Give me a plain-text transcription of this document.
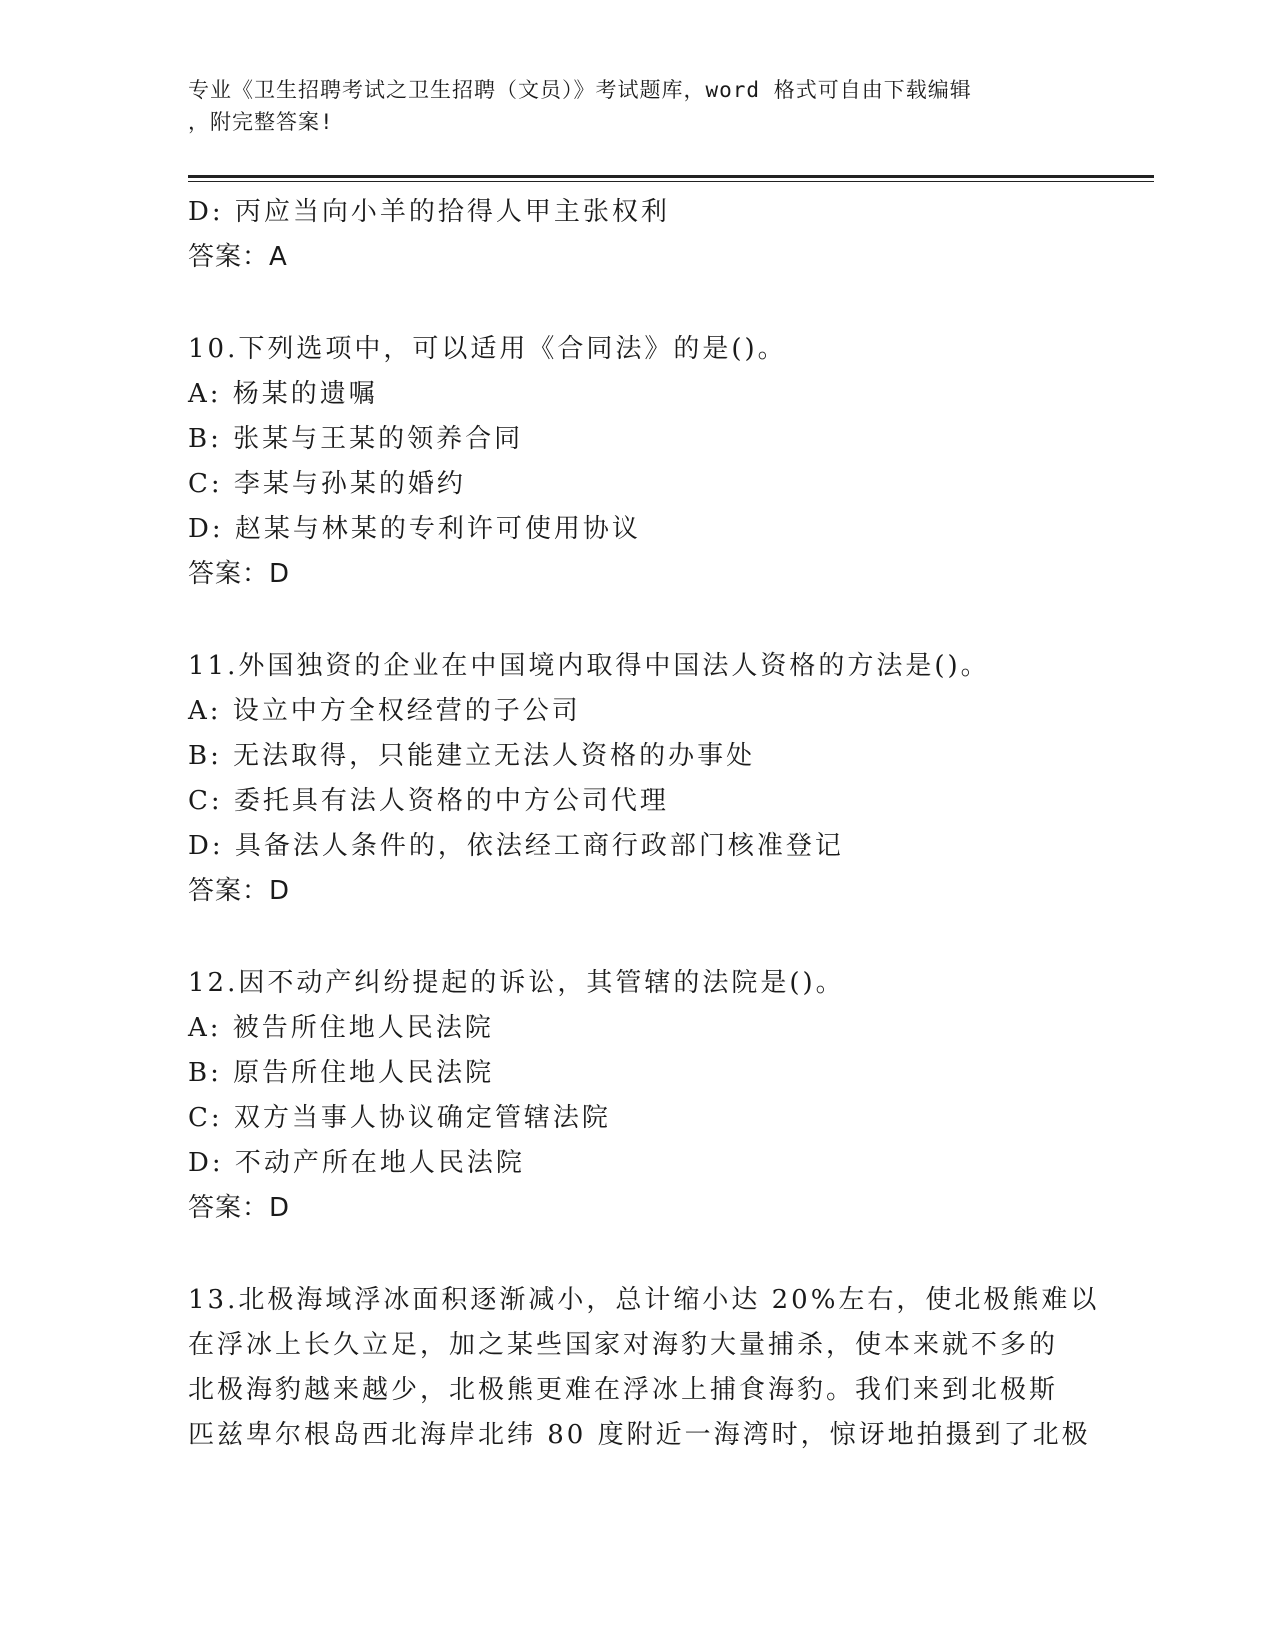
专业《卫生招聘考试之卫生招聘（文员）》考试题库，word 格式可自由下载编辑
，附完整答案!
D: 丙应当向小羊的拾得人甲主张权利
答案：A
10.下列选项中，可以适用《合同法》的是()。
A: 杨某的遗嘱
B: 张某与王某的领养合同
C: 李某与孙某的婚约
D: 赵某与林某的专利许可使用协议
答案：D
11.外国独资的企业在中国境内取得中国法人资格的方法是()。
A: 设立中方全权经营的子公司
B: 无法取得，只能建立无法人资格的办事处
C: 委托具有法人资格的中方公司代理
D: 具备法人条件的，依法经工商行政部门核准登记
答案：D
12.因不动产纠纷提起的诉讼，其管辖的法院是()。
A: 被告所住地人民法院
B: 原告所住地人民法院
C: 双方当事人协议确定管辖法院
D: 不动产所在地人民法院
答案：D
13.北极海域浮冰面积逐渐减小，总计缩小达 20%左右，使北极熊难以
在浮冰上长久立足，加之某些国家对海豹大量捕杀，使本来就不多的
北极海豹越来越少，北极熊更难在浮冰上捕食海豹。我们来到北极斯
匹兹卑尔根岛西北海岸北纬 80 度附近一海湾时，惊讶地拍摄到了北极
